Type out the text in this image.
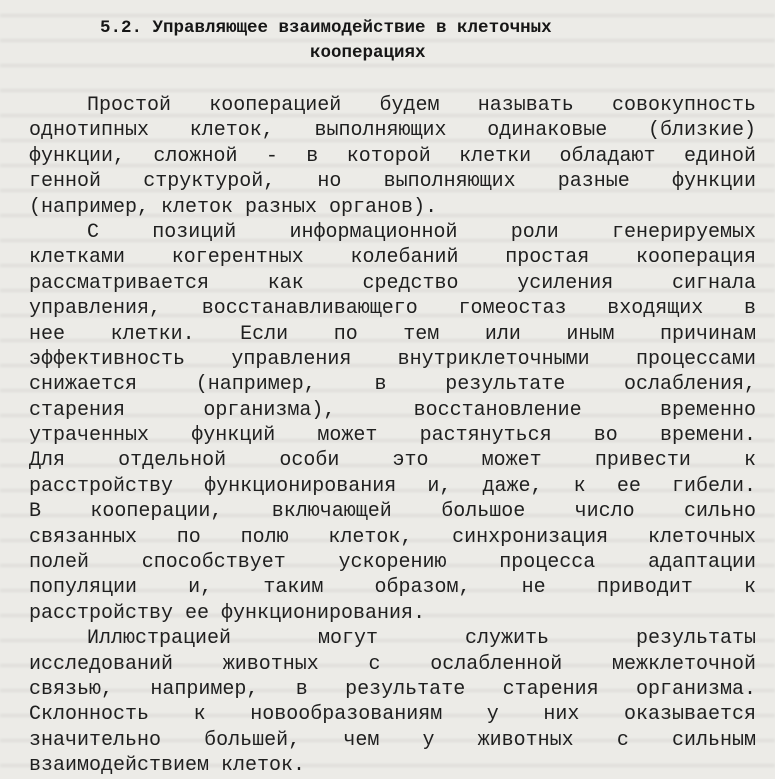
5.2. Управляющее взаимодействие в клеточных
кооперациях
Простой кооперацией будем называть совокупность
однотипных клеток, выполняющих одинаковые (близкие)
функции, сложной - в которой клетки обладают единой
генной структурой, но выполняющих разные функции
(например, клеток разных органов).
С позиций информационной роли генерируемых
клетками когерентных колебаний простая кооперация
рассматривается как средство усиления сигнала
управления, восстанавливающего гомеостаз входящих в
нее клетки. Если по тем или иным причинам
эффективность управления внутриклеточными процессами
снижается (например, в результате ослабления,
старения организма), восстановление временно
утраченных функций может растянуться во времени.
Для отдельной особи это может привести к
расстройству функционирования и, даже, к ее гибели.
В кооперации, включающей большое число сильно
связанных по полю клеток, синхронизация клеточных
полей способствует ускорению процесса адаптации
популяции и, таким образом, не приводит к
расстройству ее функционирования.
Иллюстрацией могут служить результаты
исследований животных с ослабленной межклеточной
связью, например, в результате старения организма.
Склонность к новообразованиям у них оказывается
значительно большей, чем у животных с сильным
взаимодействием клеток.
